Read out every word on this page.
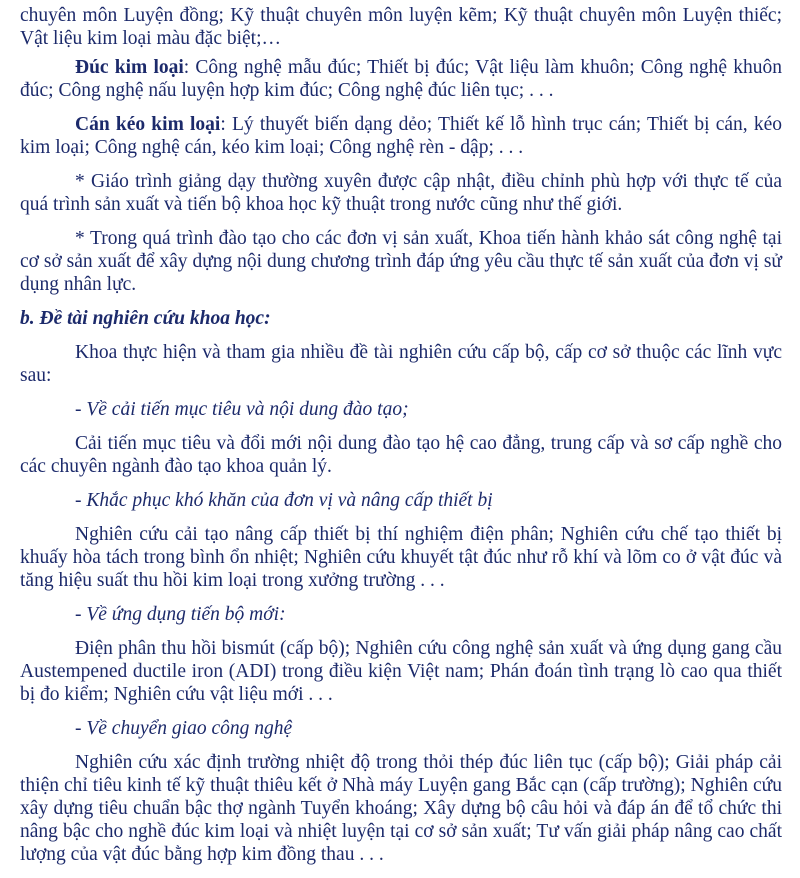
chuyên môn Luyện đồng; Kỹ thuật chuyên môn luyện kẽm; Kỹ thuật chuyên môn Luyện thiếc; Vật liệu kim loại màu đặc biệt;…

Đúc kim loại: Công nghệ mẫu đúc; Thiết bị đúc; Vật liệu làm khuôn; Công nghệ khuôn đúc; Công nghệ nấu luyện hợp kim đúc; Công nghệ đúc liên tục; . . .

Cán kéo kim loại: Lý thuyết biến dạng dẻo; Thiết kế lỗ hình trục cán; Thiết bị cán, kéo kim loại; Công nghệ cán, kéo kim loại; Công nghệ rèn - dập; . . .

* Giáo trình giảng dạy thường xuyên được cập nhật, điều chỉnh phù hợp với thực tế của quá trình sản xuất và tiến bộ khoa học kỹ thuật trong nước cũng như thế giới.

* Trong quá trình đào tạo cho các đơn vị sản xuất, Khoa tiến hành khảo sát công nghệ tại cơ sở sản xuất để xây dựng nội dung chương trình đáp ứng yêu cầu thực tế sản xuất của đơn vị sử dụng nhân lực.

b. Đề tài nghiên cứu khoa học:

Khoa thực hiện và tham gia nhiều đề tài nghiên cứu cấp bộ, cấp cơ sở thuộc các lĩnh vực sau:

- Về cải tiến mục tiêu và nội dung đào tạo;

Cải tiến mục tiêu và đổi mới nội dung đào tạo hệ cao đẳng, trung cấp và sơ cấp nghề cho các chuyên ngành đào tạo khoa quản lý.

- Khắc phục khó khăn của đơn vị và nâng cấp thiết bị

Nghiên cứu cải tạo nâng cấp thiết bị thí nghiệm điện phân; Nghiên cứu chế tạo thiết bị khuấy hòa tách trong bình ổn nhiệt; Nghiên cứu khuyết tật đúc như rỗ khí và lõm co ở vật đúc và tăng hiệu suất thu hồi kim loại trong xưởng trường . . .

- Về ứng dụng tiến bộ mới:

Điện phân thu hồi bismút (cấp bộ); Nghiên cứu công nghệ sản xuất và ứng dụng gang cầu Austempened ductile iron (ADI) trong điều kiện Việt nam; Phán đoán tình trạng lò cao qua thiết bị đo kiểm; Nghiên cứu vật liệu mới . . .

- Về chuyển giao công nghệ

Nghiên cứu xác định trường nhiệt độ trong thỏi thép đúc liên tục (cấp bộ); Giải pháp cải thiện chỉ tiêu kinh tế kỹ thuật thiêu kết ở Nhà máy Luyện gang Bắc cạn (cấp trường); Nghiên cứu xây dựng tiêu chuẩn bậc thợ ngành Tuyển khoáng; Xây dựng bộ câu hỏi và đáp án để tổ chức thi nâng bậc cho nghề đúc kim loại và nhiệt luyện tại cơ sở sản xuất; Tư vấn giải pháp nâng cao chất lượng của vật đúc bằng hợp kim đồng thau . . .
